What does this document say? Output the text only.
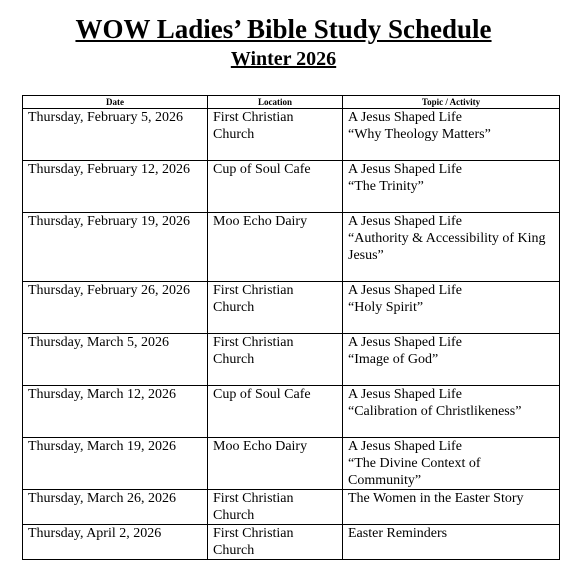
WOW Ladies’ Bible Study Schedule
Winter 2026
Date	Location	Topic / Activity
Thursday, February 5, 2026	First Christian Church	A Jesus Shaped Life
“Why Theology Matters”

Thursday, February 12, 2026	Cup of Soul Cafe	A Jesus Shaped Life
“The Trinity”

Thursday, February 19, 2026	Moo Echo Dairy	A Jesus Shaped Life
“Authority & Accessibility of King Jesus”

Thursday, February 26, 2026	First Christian Church	A Jesus Shaped Life
“Holy Spirit”

Thursday, March 5, 2026	First Christian Church	A Jesus Shaped Life
“Image of God”

Thursday, March 12, 2026	Cup of Soul Cafe	A Jesus Shaped Life
“Calibration of Christlikeness”

Thursday, March 19, 2026	Moo Echo Dairy	A Jesus Shaped Life
“The Divine Context of Community”

Thursday, March 26, 2026	First Christian Church	The Women in the Easter Story

Thursday, April 2, 2026	First Christian Church	Easter Reminders
